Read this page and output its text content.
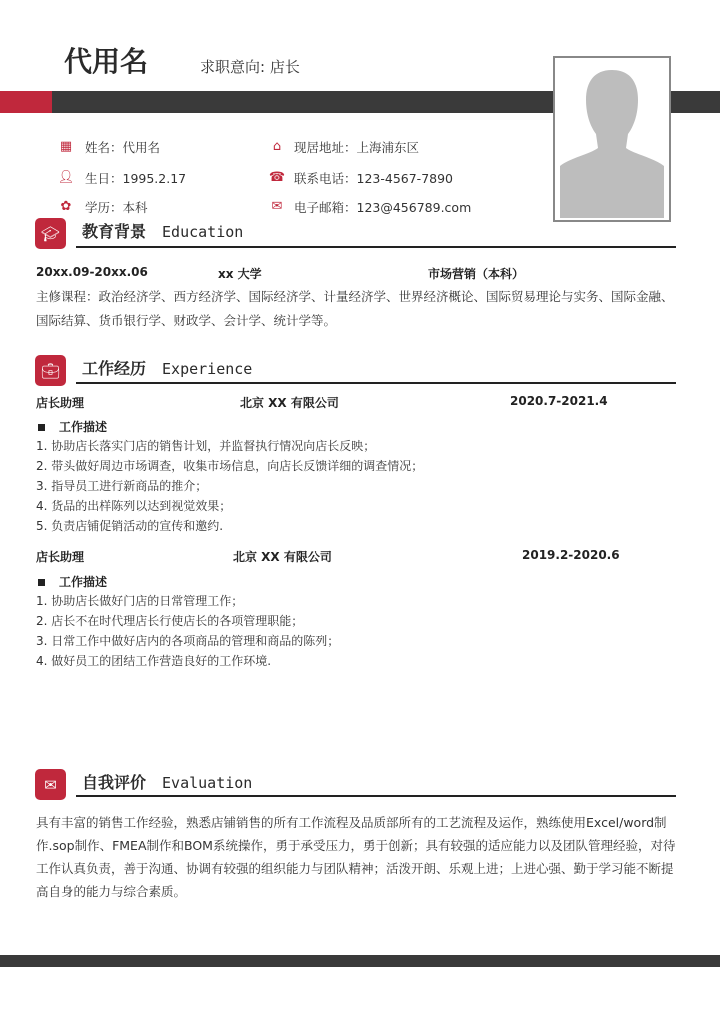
代用名	求职意向: 店长
▦ 姓名：代用名
👤︎ 生日：1995.2.17
✿ 学历：本科
⌂ 现居地址：上海浦东区
☎ 联系电话：123-4567-7890
✉ 电子邮箱：123@456789.com
🎓︎	教育背景 Education
20xx.09-20xx.06	xx 大学	市场营销（本科）
主修课程：政治经济学、西方经济学、国际经济学、计量经济学、世界经济概论、国际贸易理论与实务、国际金融、国际结算、货币银行学、财政学、会计学、统计学等。
💼︎	工作经历 Experience
店长助理	北京 XX 有限公司	2020.7-2021.4
工作描述
1. 协助店长落实门店的销售计划，并监督执行情况向店长反映；
2. 带头做好周边市场调查，收集市场信息，向店长反馈详细的调查情况；
3. 指导员工进行新商品的推介；
4. 货品的出样陈列以达到视觉效果；
5. 负责店铺促销活动的宣传和邀约.
店长助理	北京 XX 有限公司	2019.2-2020.6
工作描述
1. 协助店长做好门店的日常管理工作；
2. 店长不在时代理店长行使店长的各项管理职能；
3. 日常工作中做好店内的各项商品的管理和商品的陈列；
4. 做好员工的团结工作营造良好的工作环境.
✉	自我评价 Evaluation
具有丰富的销售工作经验，熟悉店铺销售的所有工作流程及品质部所有的工艺流程及运作，熟练使用Excel/word制作.sop制作、FMEA制作和BOM系统操作，勇于承受压力，勇于创新；具有较强的适应能力以及团队管理经验，对待工作认真负责，善于沟通、协调有较强的组织能力与团队精神；活泼开朗、乐观上进；上进心强、勤于学习能不断提高自身的能力与综合素质。
